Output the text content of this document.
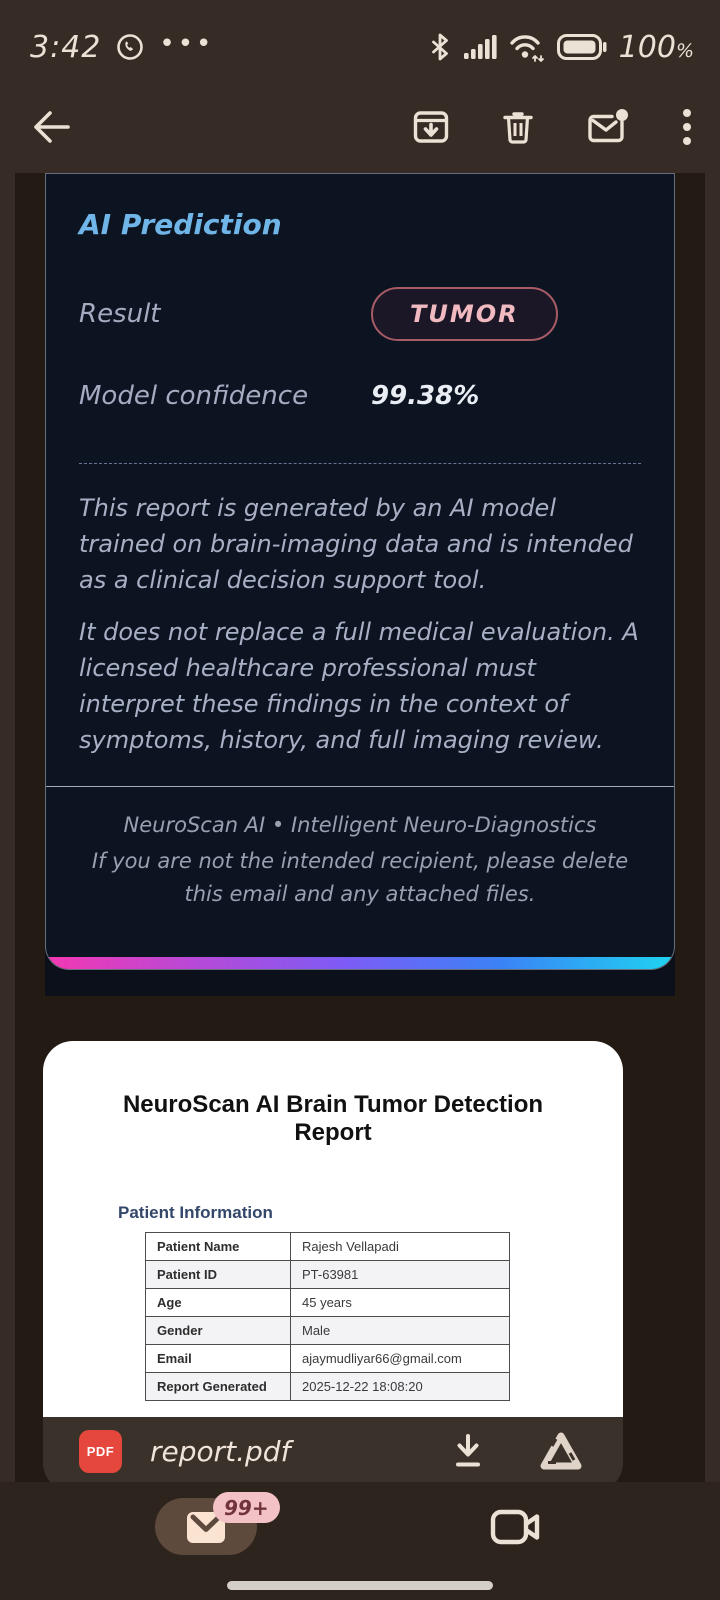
3:42 •••	100%
AI Prediction
Result	TUMOR
Model confidence	99.38%

This report is generated by an AI model trained on brain-imaging data and is intended as a clinical decision support tool.

It does not replace a full medical evaluation. A licensed healthcare professional must interpret these findings in the context of symptoms, history, and full imaging review.

NeuroScan AI • Intelligent Neuro-Diagnostics
If you are not the intended recipient, please delete this email and any attached files.
NeuroScan AI Brain Tumor Detection Report
Patient Information
Patient Name	Rajesh Vellapadi
Patient ID	PT-63981
Age	45 years
Gender	Male
Email	ajaymudliyar66@gmail.com
Report Generated	2025-12-22 18:08:20
PDF report.pdf
99+
